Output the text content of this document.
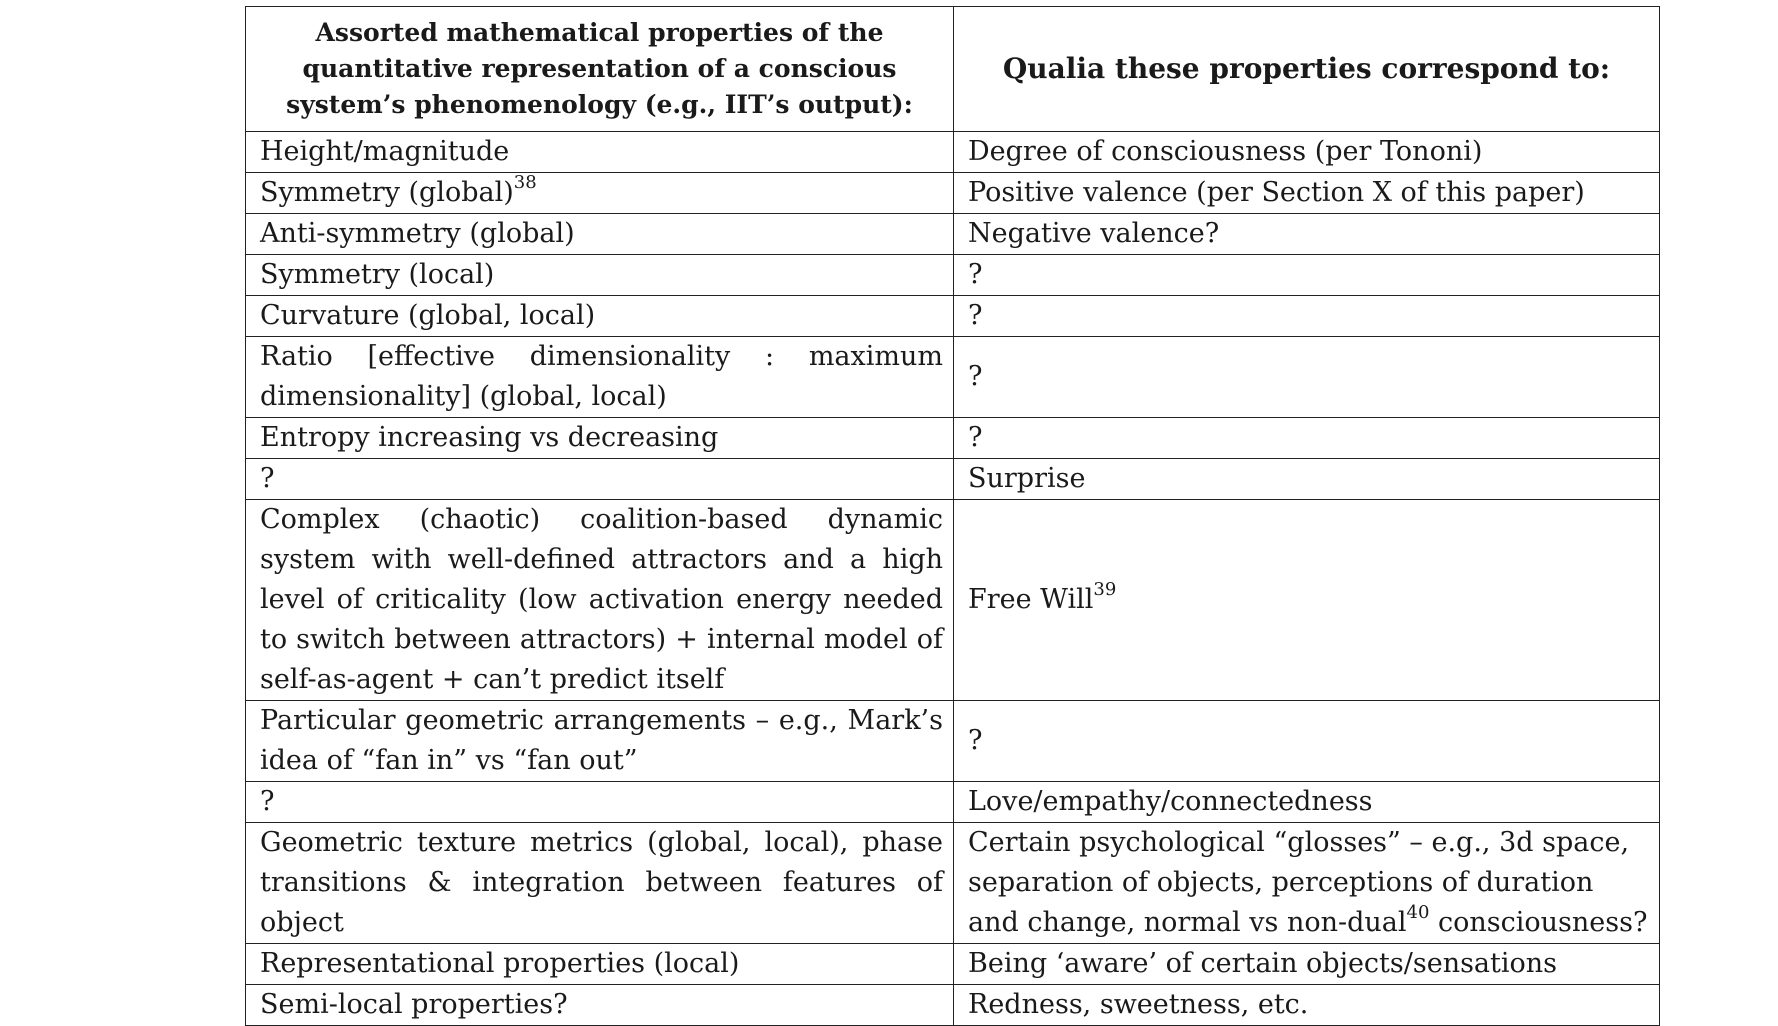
Assorted mathematical properties of the quantitative representation of a conscious system’s phenomenology (e.g., IIT’s output):	Qualia these properties correspond to:
Height/magnitude	Degree of consciousness (per Tononi)
Symmetry (global)$^{38}$	Positive valence (per Section X of this paper)
Anti-symmetry (global)	Negative valence?
Symmetry (local)	?
Curvature (global, local)	?
Ratio [effective dimensionality : maximum dimensionality] (global, local)	?
Entropy increasing vs decreasing	?
?	Surprise
Complex (chaotic) coalition-based dynamic system with well-defined attractors and a high level of criticality (low activation energy needed to switch between attractors) + internal model of self-as-agent + can’t predict itself	Free Will$^{39}$
Particular geometric arrangements – e.g., Mark’s idea of “fan in” vs “fan out”	?
?	Love/empathy/connectedness
Geometric texture metrics (global, local), phase transitions & integration between features of object	Certain psychological “glosses” – e.g., 3d space, separation of objects, perceptions of duration and change, normal vs non-dual$^{40}$ consciousness?
Representational properties (local)	Being ‘aware’ of certain objects/sensations
Semi-local properties?	Redness, sweetness, etc.
